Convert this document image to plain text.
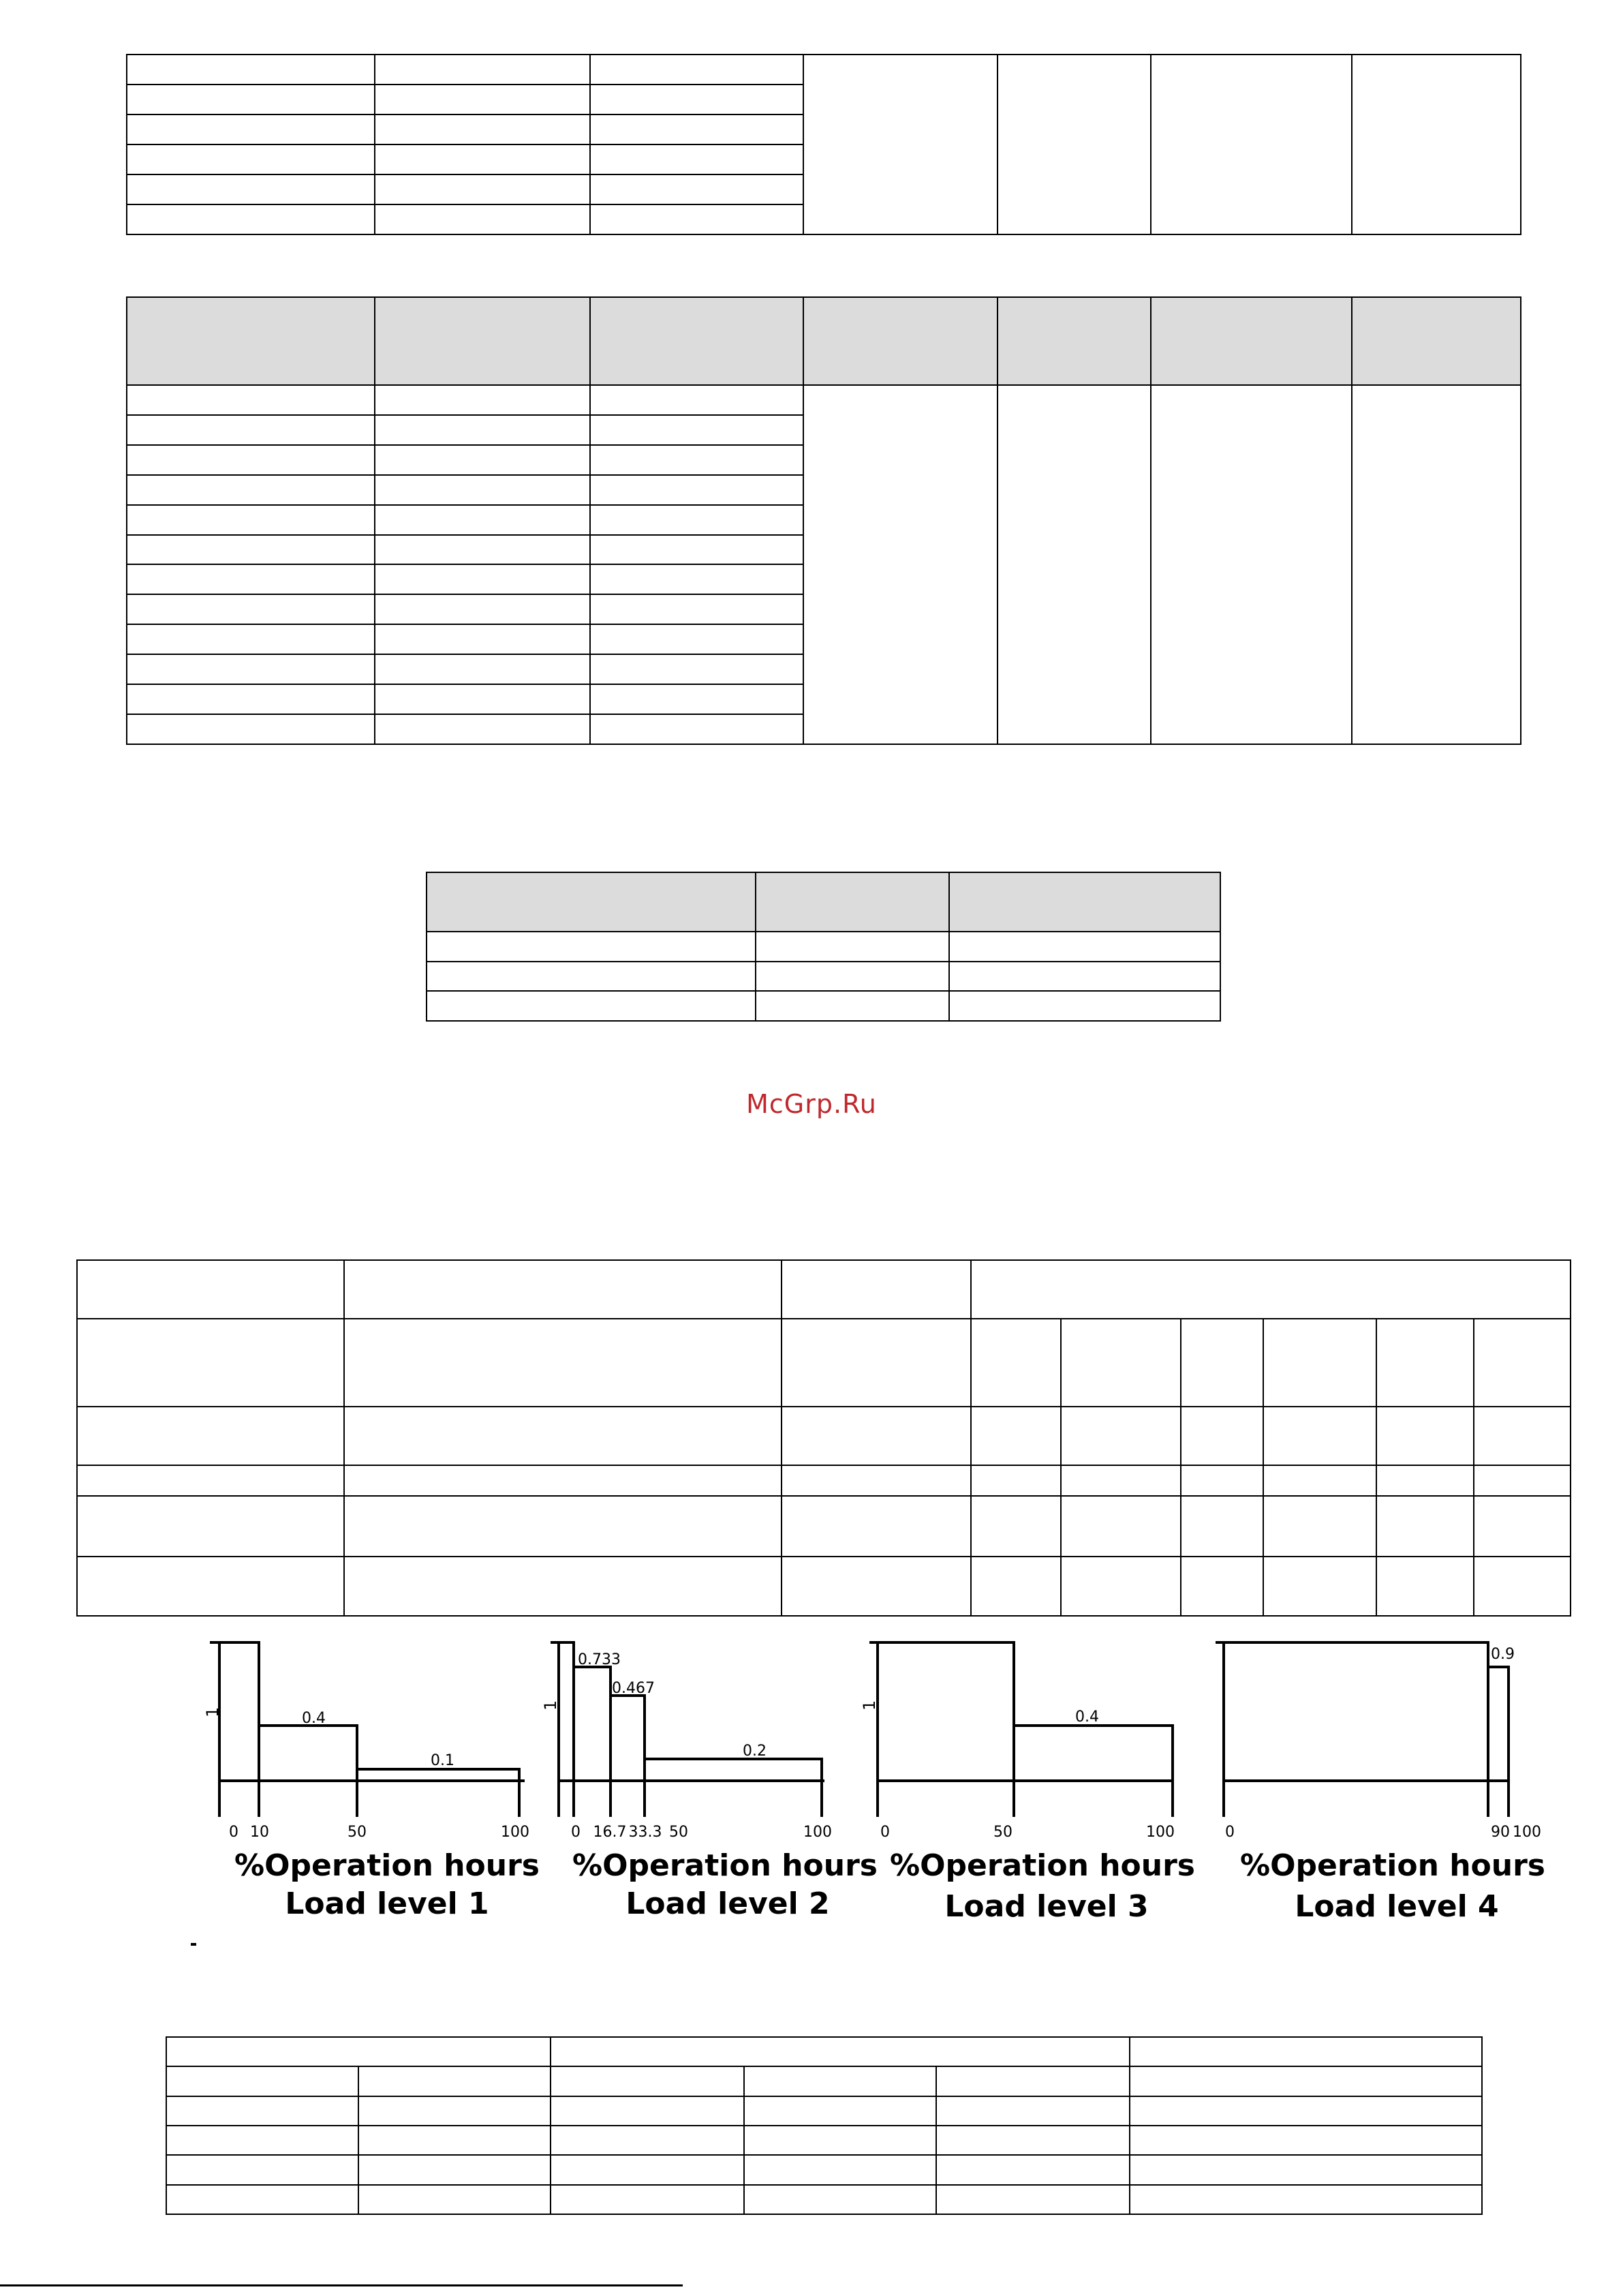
McGrp.Ru

1	0.4
0.1
0 10	50	100
%Operation hours
Load level 1
1
0.733
0.467
0.2
0 16.7 33.3 50	100
%Operation hours
Load level 2
1
0.4
0	50	100
%Operation hours
Load level 3
0.9
0	90 100
%Operation hours
Load level 4
